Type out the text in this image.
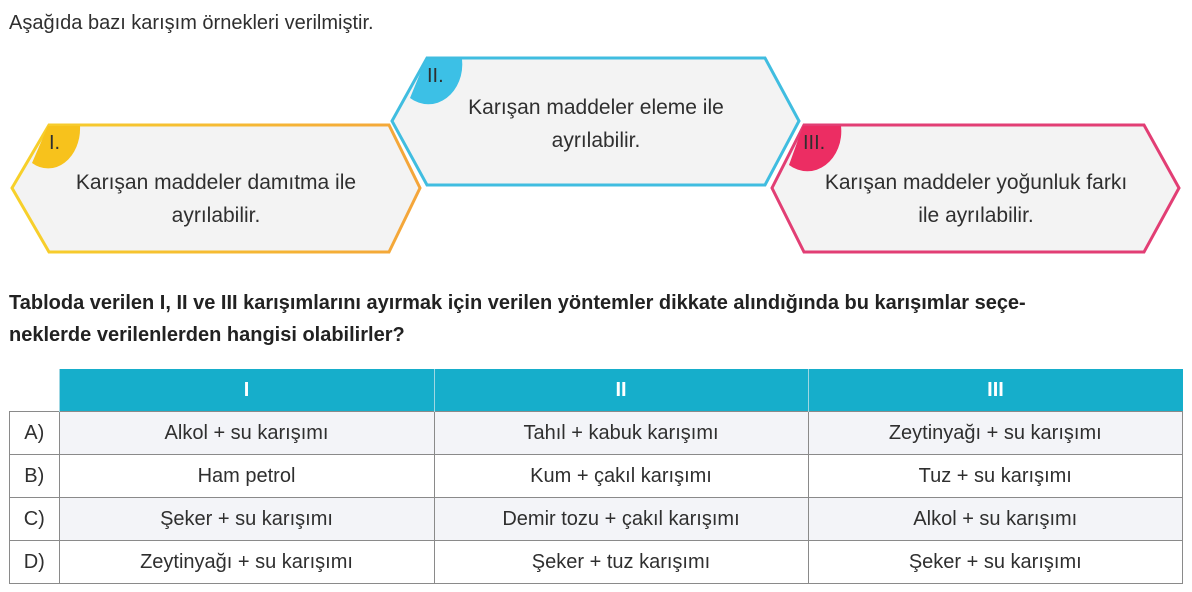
Aşağıda bazı karışım örnekleri verilmiştir.
I.
Karışan maddeler damıtma ile
ayrılabilir.
II.
Karışan maddeler eleme ile
ayrılabilir.	III.
Karışan maddeler yoğunluk farkı
ile ayrılabilir.
Tabloda verilen I, II ve III karışımlarını ayırmak için verilen yöntemler dikkate alındığında bu karışımlar seçe-
neklerde verilenlerden hangisi olabilirler?
	I	II	III
A)	Alkol + su karışımı	Tahıl + kabuk karışımı	Zeytinyağı + su karışımı
B)	Ham petrol	Kum + çakıl karışımı	Tuz + su karışımı
C)	Şeker + su karışımı	Demir tozu + çakıl karışımı	Alkol + su karışımı
D)	Zeytinyağı + su karışımı	Şeker + tuz karışımı	Şeker + su karışımı
